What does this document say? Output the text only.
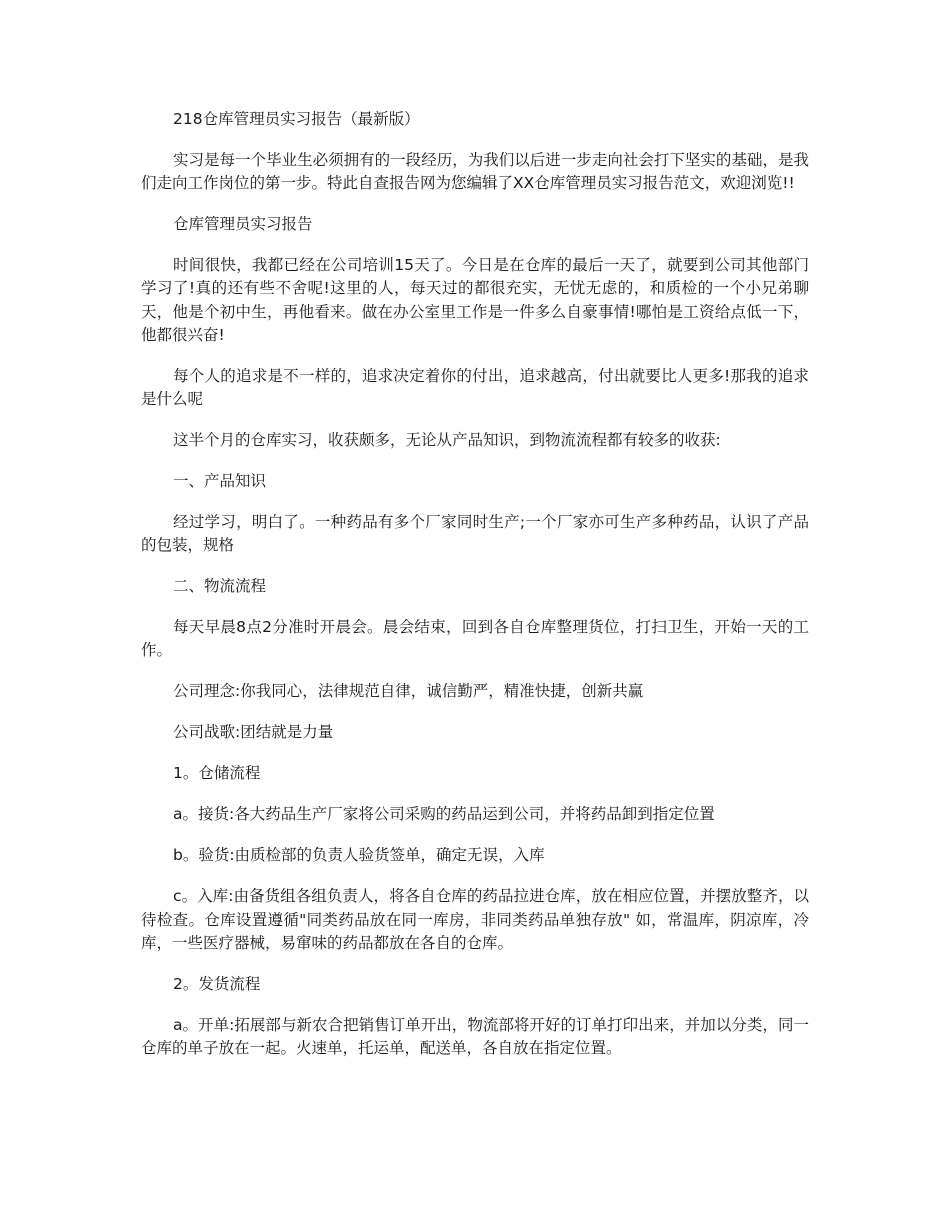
218仓库管理员实习报告（最新版）

实习是每一个毕业生必须拥有的一段经历，为我们以后进一步走向社会打下坚实的基础，是我们走向工作岗位的第一步。特此自查报告网为您编辑了XX仓库管理员实习报告范文，欢迎浏览!!

仓库管理员实习报告

时间很快，我都已经在公司培训15天了。今日是在仓库的最后一天了，就要到公司其他部门学习了!真的还有些不舍呢!这里的人，每天过的都很充实，无忧无虑的，和质检的一个小兄弟聊天，他是个初中生，再他看来。做在办公室里工作是一件多么自豪事情!哪怕是工资给点低一下，他都很兴奋!

每个人的追求是不一样的，追求决定着你的付出，追求越高，付出就要比人更多!那我的追求是什么呢

这半个月的仓库实习，收获颇多，无论从产品知识，到物流流程都有较多的收获:

一、产品知识

经过学习，明白了。一种药品有多个厂家同时生产;一个厂家亦可生产多种药品，认识了产品的包装，规格

二、物流流程

每天早晨8点2分准时开晨会。晨会结束，回到各自仓库整理货位，打扫卫生，开始一天的工作。

公司理念:你我同心，法律规范自律，诚信勤严，精准快捷，创新共赢

公司战歌:团结就是力量

1。仓储流程

a。接货:各大药品生产厂家将公司采购的药品运到公司，并将药品卸到指定位置

b。验货:由质检部的负责人验货签单，确定无误，入库

c。入库:由备货组各组负责人，将各自仓库的药品拉进仓库，放在相应位置，并摆放整齐，以待检查。仓库设置遵循"同类药品放在同一库房，非同类药品单独存放" 如，常温库，阴凉库，冷库，一些医疗器械，易窜味的药品都放在各自的仓库。

2。发货流程

a。开单:拓展部与新农合把销售订单开出，物流部将开好的订单打印出来，并加以分类，同一仓库的单子放在一起。火速单，托运单，配送单，各自放在指定位置。
